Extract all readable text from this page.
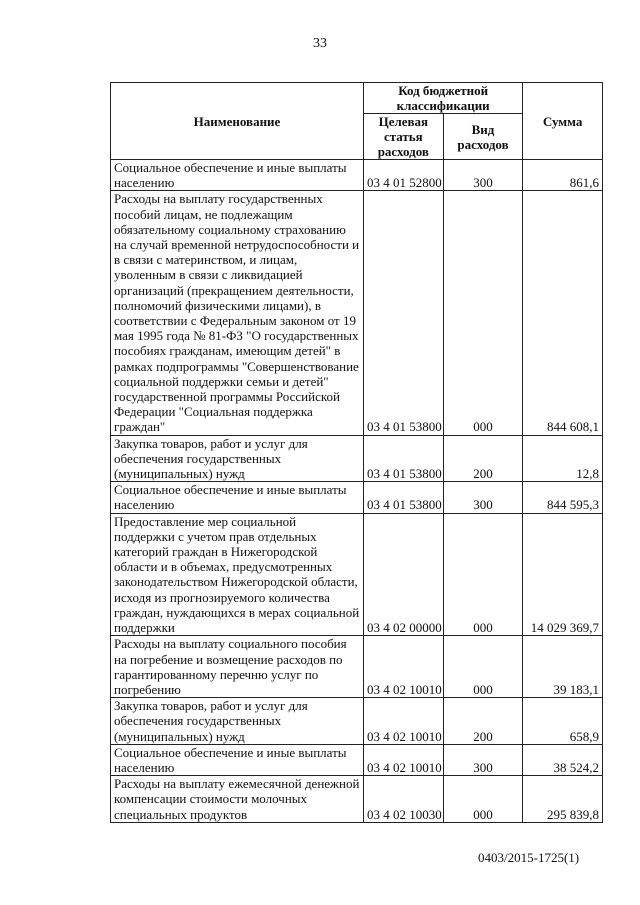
33
Наименование	Код бюджетной классификации		Сумма
	Целевая статья расходов	Вид расходов	
Социальное обеспечение и иные выплаты населению	03 4 01 52800	300	861,6
Расходы на выплату государственных пособий лицам, не подлежащим обязательному социальному страхованию на случай временной нетрудоспособности и в связи с материнством, и лицам, уволенным в связи с ликвидацией организаций (прекращением деятельности, полномочий физическими лицами), в соответствии с Федеральным законом от 19 мая 1995 года № 81-ФЗ "О государственных пособиях гражданам, имеющим детей" в рамках подпрограммы "Совершенствование социальной поддержки семьи и детей" государственной программы Российской Федерации "Социальная поддержка граждан"	03 4 01 53800	000	844 608,1
Закупка товаров, работ и услуг для обеспечения государственных (муниципальных) нужд	03 4 01 53800	200	12,8
Социальное обеспечение и иные выплаты населению	03 4 01 53800	300	844 595,3
Предоставление мер социальной поддержки с учетом прав отдельных категорий граждан в Нижегородской области и в объемах, предусмотренных законодательством Нижегородской области, исходя из прогнозируемого количества граждан, нуждающихся в мерах социальной поддержки	03 4 02 00000	000	14 029 369,7
Расходы на выплату социального пособия на погребение и возмещение расходов по гарантированному перечню услуг по погребению	03 4 02 10010	000	39 183,1
Закупка товаров, работ и услуг для обеспечения государственных (муниципальных) нужд	03 4 02 10010	200	658,9
Социальное обеспечение и иные выплаты населению	03 4 02 10010	300	38 524,2
Расходы на выплату ежемесячной денежной компенсации стоимости молочных специальных продуктов	03 4 02 10030	000	295 839,8
0403/2015-1725(1)
